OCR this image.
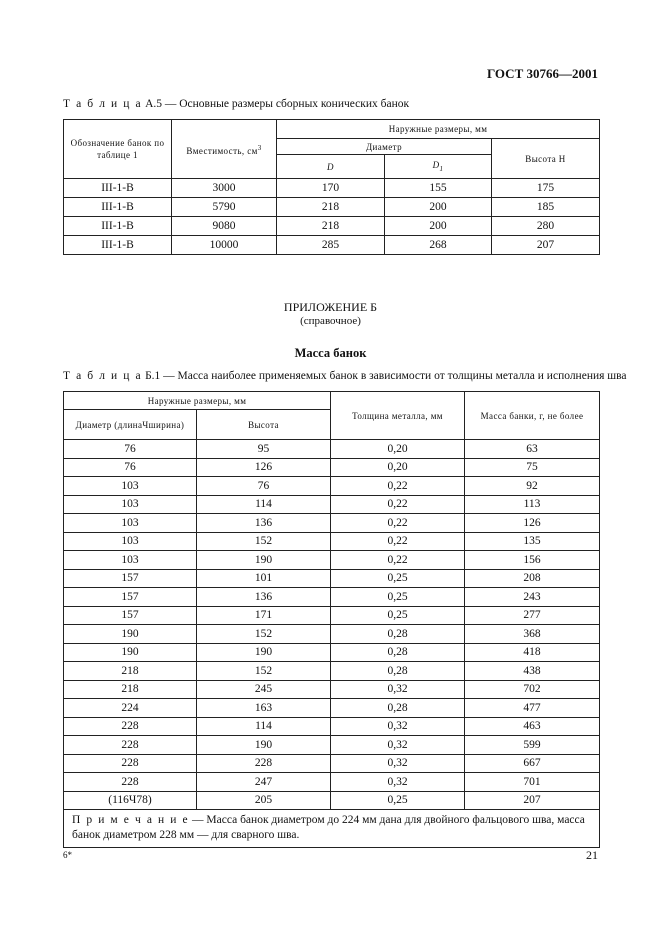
ГОСТ 30766—2001
Т а б л и ц а А.5 — Основные размеры сборных конических банок
Обозначение банок по таблице 1	Вместимость, $см^3$	Наружные размеры, мм		
		Диаметр		Высота H
		D	$D_1$
III-1-В	3000	170	155	175
III-1-В	5790	218	200	185
III-1-В	9080	218	200	280
III-1-В	10000	285	268	207
ПРИЛОЖЕНИЕ Б
(справочное)
Масса банок
Т а б л и ц а Б.1 — Масса наиболее применяемых банок в зависимости от толщины металла и исполнения шва
Наружные размеры, мм		Толщина металла, мм	Масса банки, г, не более
Диаметр (длинаЧширина)	Высота		
76	95	0,20	63
76	126	0,20	75
103	76	0,22	92
103	114	0,22	113
103	136	0,22	126
103	152	0,22	135
103	190	0,22	156
157	101	0,25	208
157	136	0,25	243
157	171	0,25	277
190	152	0,28	368
190	190	0,28	418
218	152	0,28	438
218	245	0,32	702
224	163	0,28	477
228	114	0,32	463
228	190	0,32	599
228	228	0,32	667
228	247	0,32	701
(116Ч78)	205	0,25	207
П р и м е ч а н и е — Масса банок диаметром до 224 мм дана для двойного фальцового шва, масса банок диаметром 228 мм — для сварного шва.			
6*	21
